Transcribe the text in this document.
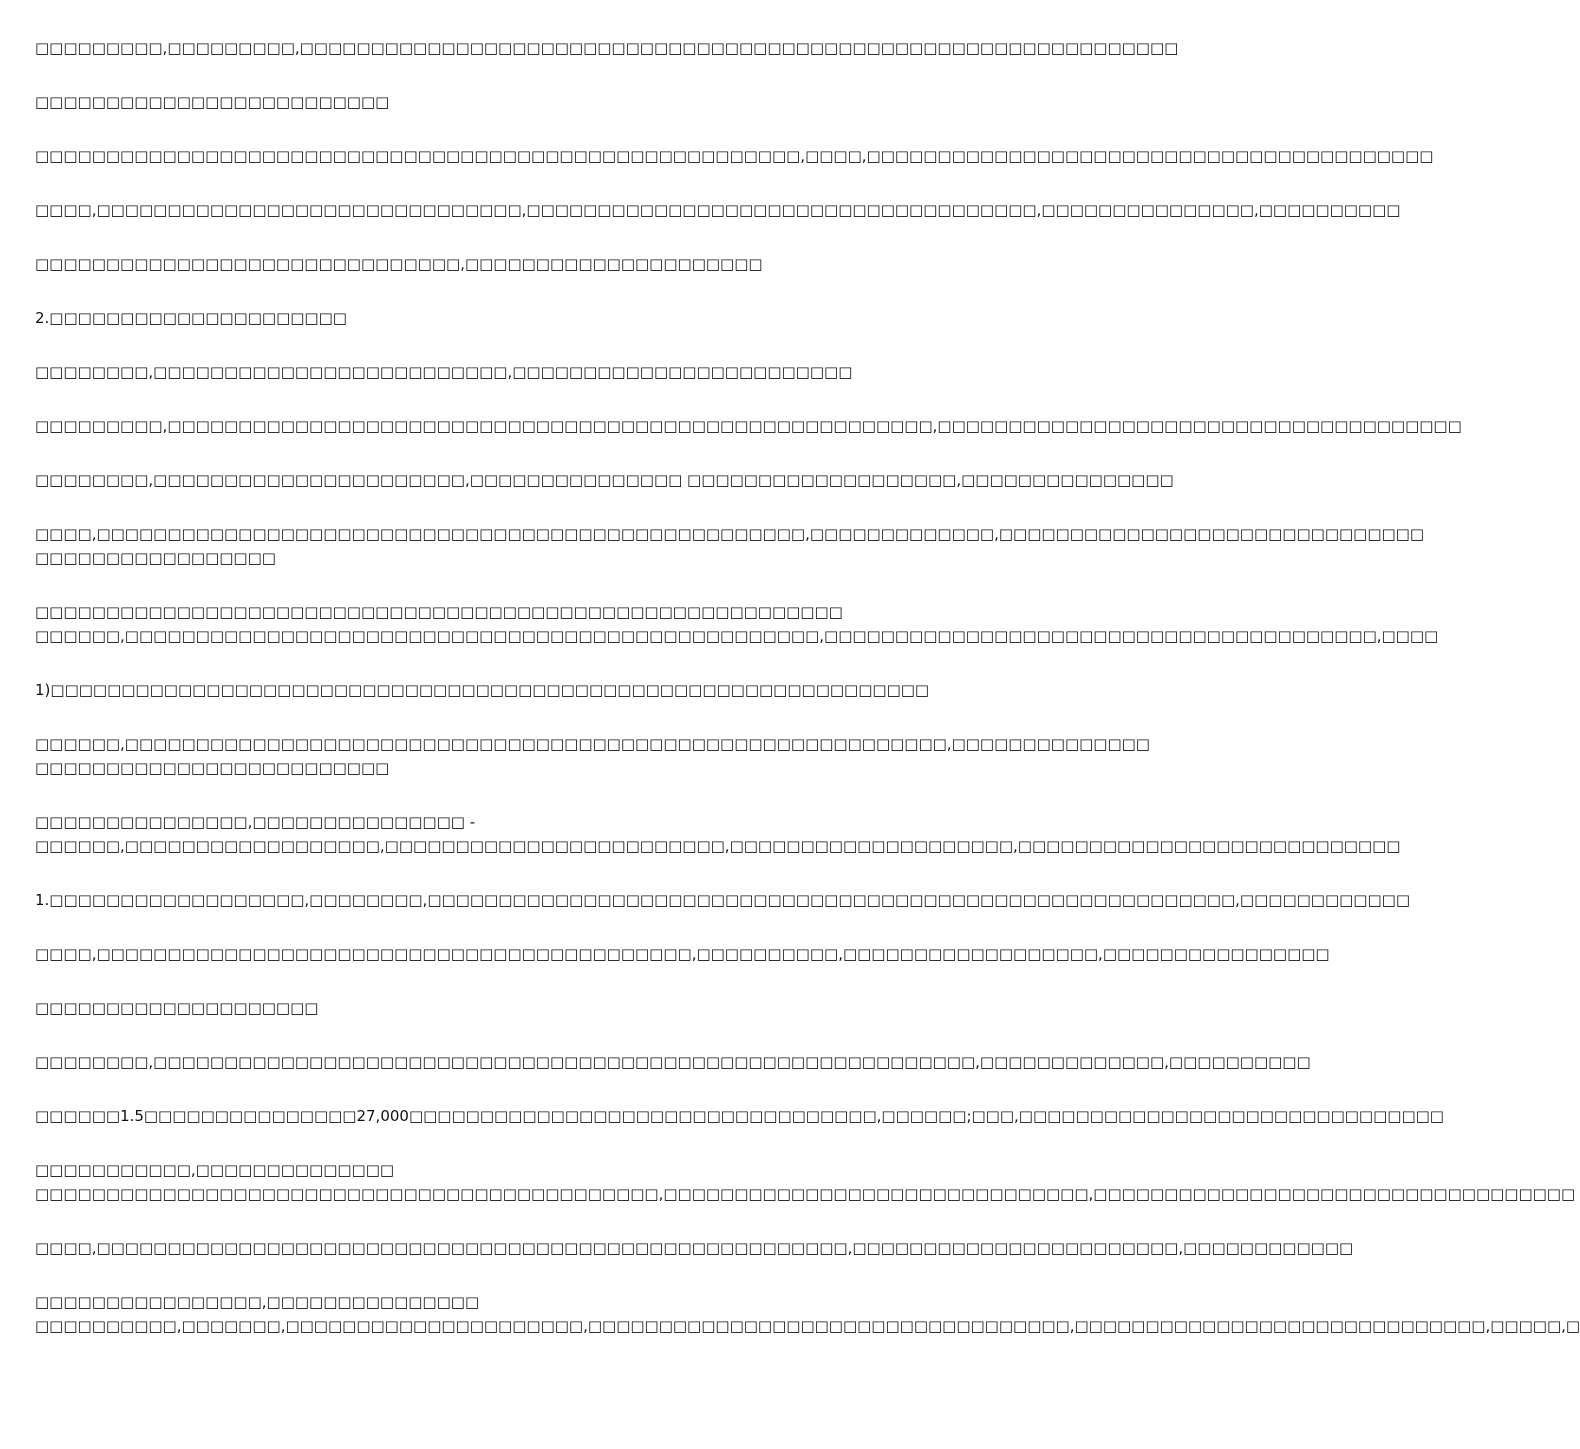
□□□□□□□□□,□□□□□□□□□,□□□□□□□□□□□□□□□□□□□□□□□□□□□□□□□□□□□□□□□□□□□□□□□□□□□□□□□□□□□□□□
□□□□□□□□□□□□□□□□□□□□□□□□□
□□□□□□□□□□□□□□□□□□□□□□□□□□□□□□□□□□□□□□□□□□□□□□□□□□□□□□,□□□□,□□□□□□□□□□□□□□□□□□□□□□□□□□□□□□□□□□□□□□□□
□□□□,□□□□□□□□□□□□□□□□□□□□□□□□□□□□□□,□□□□□□□□□□□□□□□□□□□□□□□□□□□□□□□□□□□□,□□□□□□□□□□□□□□□,□□□□□□□□□□
□□□□□□□□□□□□□□□□□□□□□□□□□□□□□□,□□□□□□□□□□□□□□□□□□□□□
2.□□□□□□□□□□□□□□□□□□□□□
□□□□□□□□,□□□□□□□□□□□□□□□□□□□□□□□□□,□□□□□□□□□□□□□□□□□□□□□□□□
□□□□□□□□□,□□□□□□□□□□□□□□□□□□□□□□□□□□□□□□□□□□□□□□□□□□□□□□□□□□□□□□,□□□□□□□□□□□□□□□□□□□□□□□□□□□□□□□□□□□□□
□□□□□□□□,□□□□□□□□□□□□□□□□□□□□□□,□□□□□□□□□□□□□□□ □□□□□□□□□□□□□□□□□□□,□□□□□□□□□□□□□□□
□□□□,□□□□□□□□□□□□□□□□□□□□□□□□□□□□□□□□□□□□□□□□□□□□□□□□□□,□□□□□□□□□□□□□,□□□□□□□□□□□□□□□□□□□□□□□□□□□□□□
□□□□□□□□□□□□□□□□□
□□□□□□□□□□□□□□□□□□□□□□□□□□□□□□□□□□□□□□□□□□□□□□□□□□□□□□□□□
□□□□□□,□□□□□□□□□□□□□□□□□□□□□□□□□□□□□□□□□□□□□□□□□□□□□□□□□,□□□□□□□□□□□□□□□□□□□□□□□□□□□□□□□□□□□□□□□,□□□□
1)□□□□□□□□□□□□□□□□□□□□□□□□□□□□□□□□□□□□□□□□□□□□□□□□□□□□□□□□□□□□□□
□□□□□□,□□□□□□□□□□□□□□□□□□□□□□□□□□□□□□□□□□□□□□□□□□□□□□□□□□□□□□□□□□,□□□□□□□□□□□□□□
□□□□□□□□□□□□□□□□□□□□□□□□□
□□□□□□□□□□□□□□□,□□□□□□□□□□□□□□□ -
□□□□□□,□□□□□□□□□□□□□□□□□□,□□□□□□□□□□□□□□□□□□□□□□□□,□□□□□□□□□□□□□□□□□□□□,□□□□□□□□□□□□□□□□□□□□□□□□□□□
1.□□□□□□□□□□□□□□□□□□,□□□□□□□□,□□□□□□□□□□□□□□□□□□□□□□□□□□□□□□□□□□□□□□□□□□□□□□□□□□□□□□□□□,□□□□□□□□□□□□
□□□□,□□□□□□□□□□□□□□□□□□□□□□□□□□□□□□□□□□□□□□□□□□,□□□□□□□□□□,□□□□□□□□□□□□□□□□□□,□□□□□□□□□□□□□□□□
□□□□□□□□□□□□□□□□□□□□
□□□□□□□□,□□□□□□□□□□□□□□□□□□□□□□□□□□□□□□□□□□□□□□□□□□□□□□□□□□□□□□□□□□,□□□□□□□□□□□□□,□□□□□□□□□□
□□□□□□1.5□□□□□□□□□□□□□□□27,000□□□□□□□□□□□□□□□□□□□□□□□□□□□□□□□□□,□□□□□□;□□□,□□□□□□□□□□□□□□□□□□□□□□□□□□□□□□
□□□□□□□□□□□,□□□□□□□□□□□□□□
□□□□□□□□□□□□□□□□□□□□□□□□□□□□□□□□□□□□□□□□□□□□,□□□□□□□□□□□□□□□□□□□□□□□□□□□□□□,□□□□□□□□□□□□□□□□□□□□□□□□□□□□□□□□□□
□□□□,□□□□□□□□□□□□□□□□□□□□□□□□□□□□□□□□□□□□□□□□□□□□□□□□□□□□□,□□□□□□□□□□□□□□□□□□□□□□□,□□□□□□□□□□□□
□□□□□□□□□□□□□□□□,□□□□□□□□□□□□□□□
□□□□□□□□□□,□□□□□□□,□□□□□□□□□□□□□□□□□□□□□,□□□□□□□□□□□□□□□□□□□□□□□□□□□□□□□□□□,□□□□□□□□□□□□□□□□□□□□□□□□□□□□□,□□□□□,□
